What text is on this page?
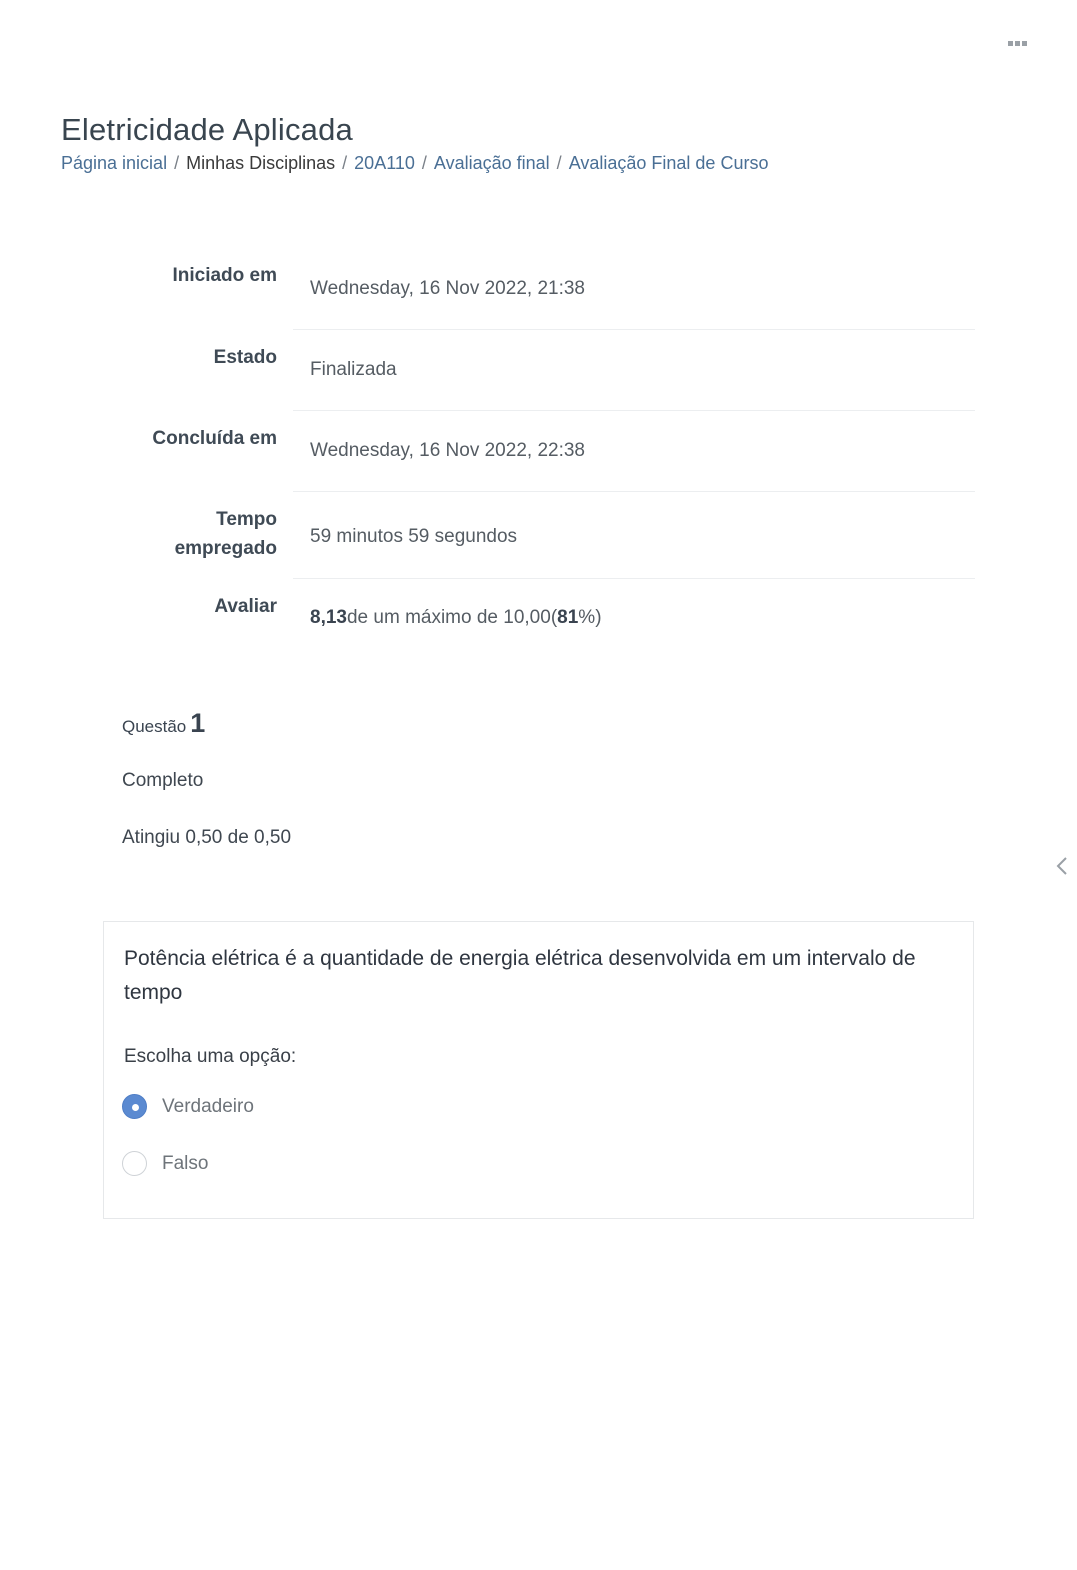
Eletricidade Aplicada
Página inicial / Minhas Disciplinas / 20A110 / Avaliação final / Avaliação Final de Curso
Iniciado em
Wednesday, 16 Nov 2022, 21:38
Estado
Finalizada
Concluída em
Wednesday, 16 Nov 2022, 22:38
Tempo
empregado
59 minutos 59 segundos
Avaliar
8,13 de um máximo de 10,00( 81 %)
Questão 1
Completo
Atingiu 0,50 de 0,50
Potência elétrica é a quantidade de energia elétrica desenvolvida em um intervalo de tempo
Escolha uma opção:
Verdadeiro
Falso
